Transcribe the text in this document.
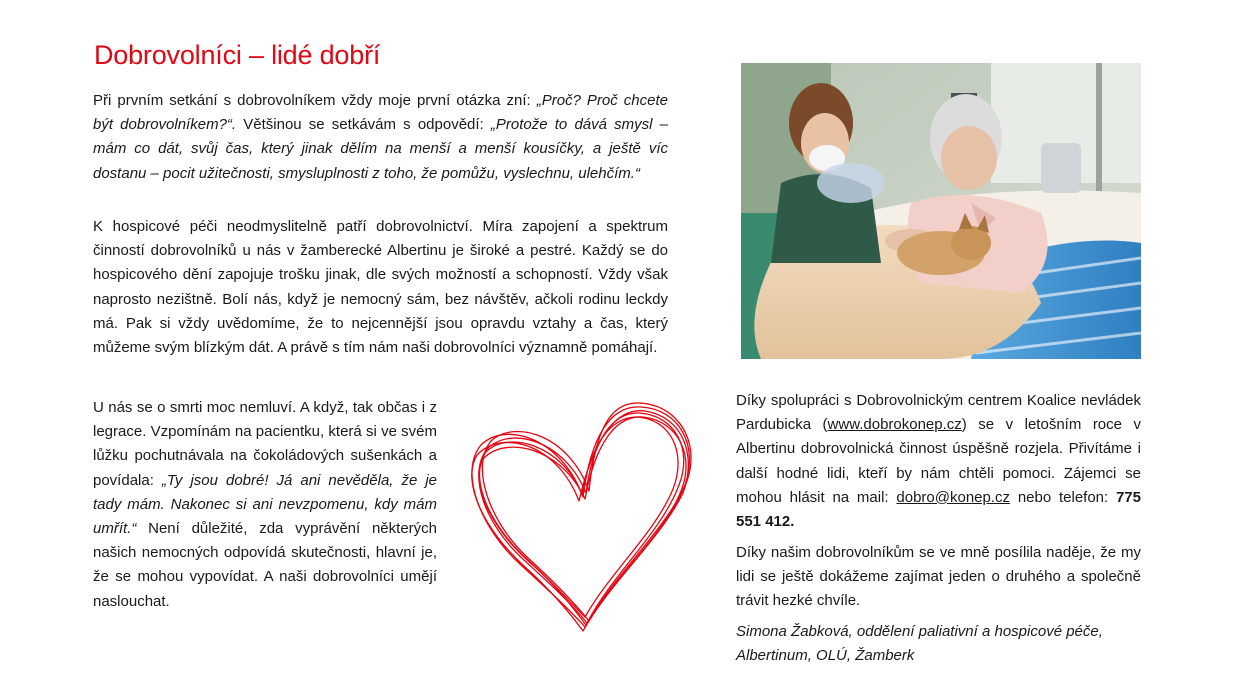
Dobrovolníci – lidé dobří

Při prvním setkání s dobrovolníkem vždy moje první otázka zní: „Proč? Proč chcete být dobrovolníkem?“. Většinou se setkávám s odpovědí: „Protože to dává smysl – mám co dát, svůj čas, který jinak dělím na menší a menší kousíčky, a ještě víc dostanu – pocit užitečnosti, smysluplnosti z toho, že pomůžu, vyslechnu, ulehčím.“

K hospicové péči neodmyslitelně patří dobrovolnictví. Míra zapojení a spektrum činností dobrovolníků u nás v žamberecké Albertinu je široké a pestré. Každý se do hospicového dění zapojuje trošku jinak, dle svých možností a schopností. Vždy však naprosto nezištně. Bolí nás, když je nemocný sám, bez návštěv, ačkoli rodinu leckdy má. Pak si vždy uvědomíme, že to nejcennější jsou opravdu vztahy a čas, který můžeme svým blízkým dát. A právě s tím nám naši dobrovolníci významně pomáhají.

U nás se o smrti moc nemluví. A když, tak občas i z legrace. Vzpomínám na pacientku, která si ve svém lůžku pochutnávala na čokoládových sušenkách a povídala: „Ty jsou dobré! Já ani nevěděla, že je tady mám. Nakonec si ani nevzpomenu, kdy mám umřít.“ Není důležité, zda vyprávění některých našich nemocných odpovídá skutečnosti, hlavní je, že se mohou vypovídat. A naši dobrovolníci umějí naslouchat.

Díky spolupráci s Dobrovolnickým centrem Koalice nevládek Pardubicka (www.dobrokonep.cz) se v letošním roce v Albertinu dobrovolnická činnost úspěšně rozjela. Přivítáme i další hodné lidi, kteří by nám chtěli pomoci. Zájemci se mohou hlásit na mail: dobro@konep.cz nebo telefon: 775 551 412.

Díky našim dobrovolníkům se ve mně posílila naděje, že my lidi se ještě dokážeme zajímat jeden o druhého a společně trávit hezké chvíle.

Simona Žabková, oddělení paliativní a hospicové péče,
Albertinum, OLÚ, Žamberk
